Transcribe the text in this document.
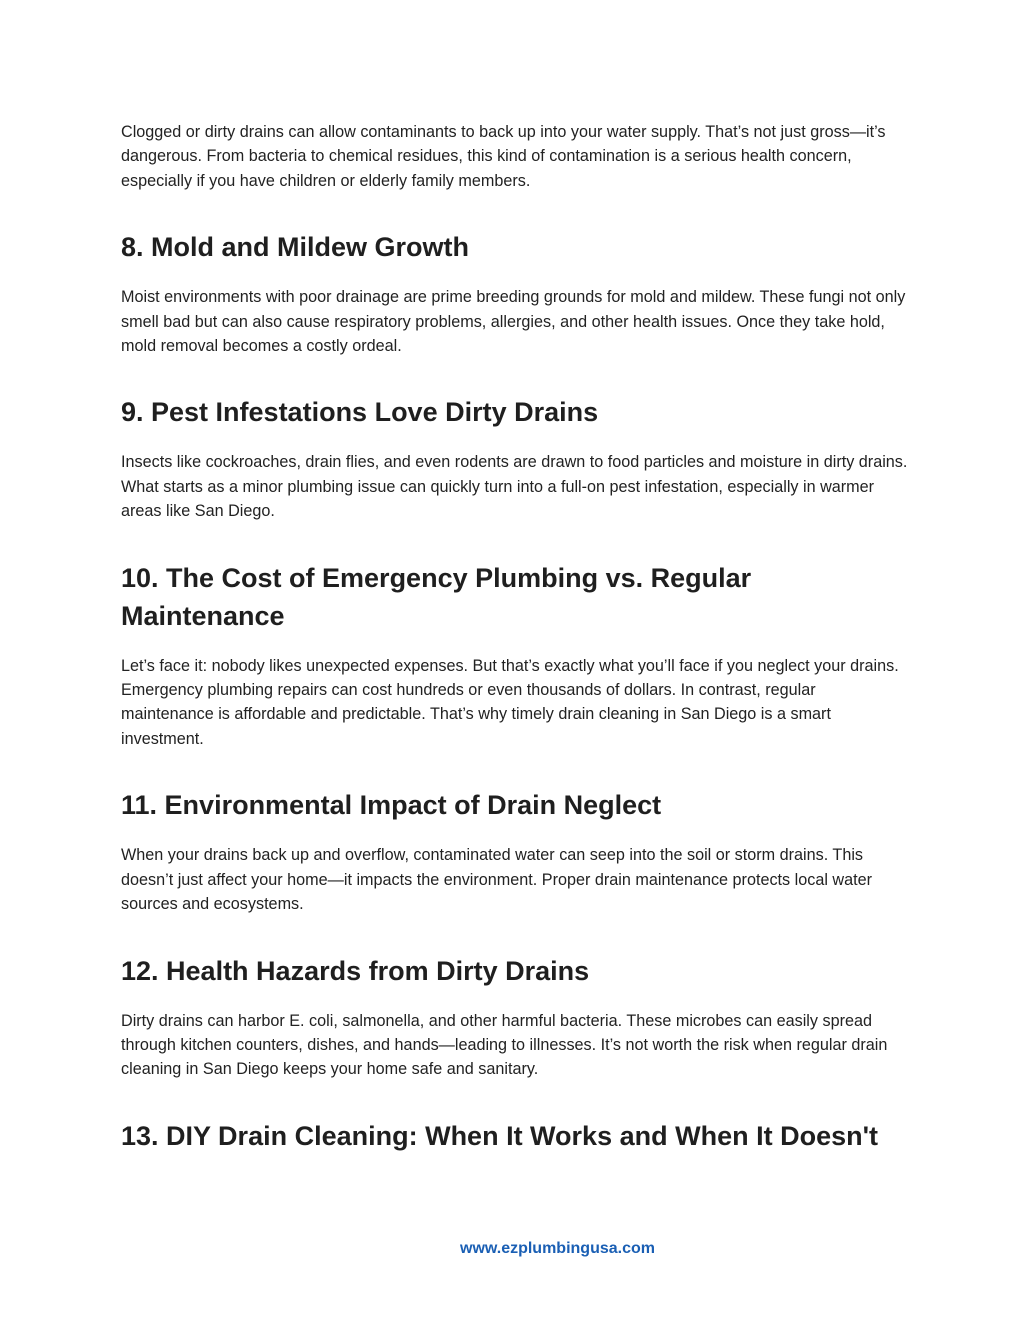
Clogged or dirty drains can allow contaminants to back up into your water supply. That’s not just gross—it’s dangerous. From bacteria to chemical residues, this kind of contamination is a serious health concern, especially if you have children or elderly family members.

8. Mold and Mildew Growth

Moist environments with poor drainage are prime breeding grounds for mold and mildew. These fungi not only smell bad but can also cause respiratory problems, allergies, and other health issues. Once they take hold, mold removal becomes a costly ordeal.

9. Pest Infestations Love Dirty Drains

Insects like cockroaches, drain flies, and even rodents are drawn to food particles and moisture in dirty drains. What starts as a minor plumbing issue can quickly turn into a full-on pest infestation, especially in warmer areas like San Diego.

10. The Cost of Emergency Plumbing vs. Regular Maintenance

Let’s face it: nobody likes unexpected expenses. But that’s exactly what you’ll face if you neglect your drains. Emergency plumbing repairs can cost hundreds or even thousands of dollars. In contrast, regular maintenance is affordable and predictable. That’s why timely drain cleaning in San Diego is a smart investment.

11. Environmental Impact of Drain Neglect

When your drains back up and overflow, contaminated water can seep into the soil or storm drains. This doesn’t just affect your home—it impacts the environment. Proper drain maintenance protects local water sources and ecosystems.

12. Health Hazards from Dirty Drains

Dirty drains can harbor E. coli, salmonella, and other harmful bacteria. These microbes can easily spread through kitchen counters, dishes, and hands—leading to illnesses. It’s not worth the risk when regular drain cleaning in San Diego keeps your home safe and sanitary.

13. DIY Drain Cleaning: When It Works and When It Doesn't
www.ezplumbingusa.com
